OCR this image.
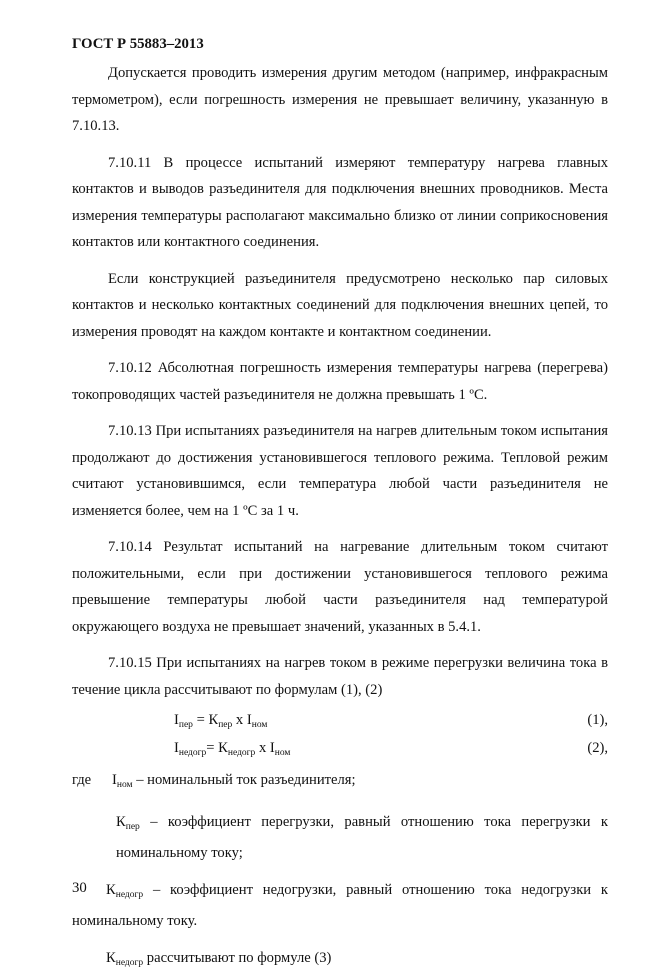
ГОСТ Р 55883–2013

Допускается проводить измерения другим методом (например, инфракрасным термометром), если погрешность измерения не превышает величину, указанную в 7.10.13.

7.10.11 В процессе испытаний измеряют температуру нагрева главных контактов и выводов разъединителя для подключения внешних проводников. Места измерения температуры располагают максимально близко от линии соприкосновения контактов или контактного соединения.

Если конструкцией разъединителя предусмотрено несколько пар силовых контактов и несколько контактных соединений для подключения внешних цепей, то измерения проводят на каждом контакте и контактном соединении.

7.10.12 Абсолютная погрешность измерения температуры нагрева (перегрева) токопроводящих частей разъединителя не должна превышать 1 ºС.

7.10.13 При испытаниях разъединителя на нагрев длительным током испытания продолжают до достижения установившегося теплового режима. Тепловой режим считают установившимся, если температура любой части разъединителя не изменяется более, чем на 1 ºС за 1 ч.

7.10.14 Результат испытаний на нагревание длительным током считают положительными, если при достижении установившегося теплового режима превышение температуры любой части разъединителя над температурой окружающего воздуха не превышает значений, указанных в 5.4.1.

7.10.15 При испытаниях на нагрев током в режиме перегрузки величина тока в течение цикла рассчитывают по формулам (1), (2)

$I_{пер} = К_{пер}$ x $I_{ном}$	(1),
$I_{недогр}= К_{недогр}$ x $I_{ном}$	(2),

где $I_{ном}$ – номинальный ток разъединителя;

$К_{пер}$ – коэффициент перегрузки, равный отношению тока перегрузки к номинальному току;

$К_{недогр}$ – коэффициент недогрузки, равный отношению тока недогрузки к номинальному току.

$К_{недогр}$ рассчитывают по формуле (3)

30
